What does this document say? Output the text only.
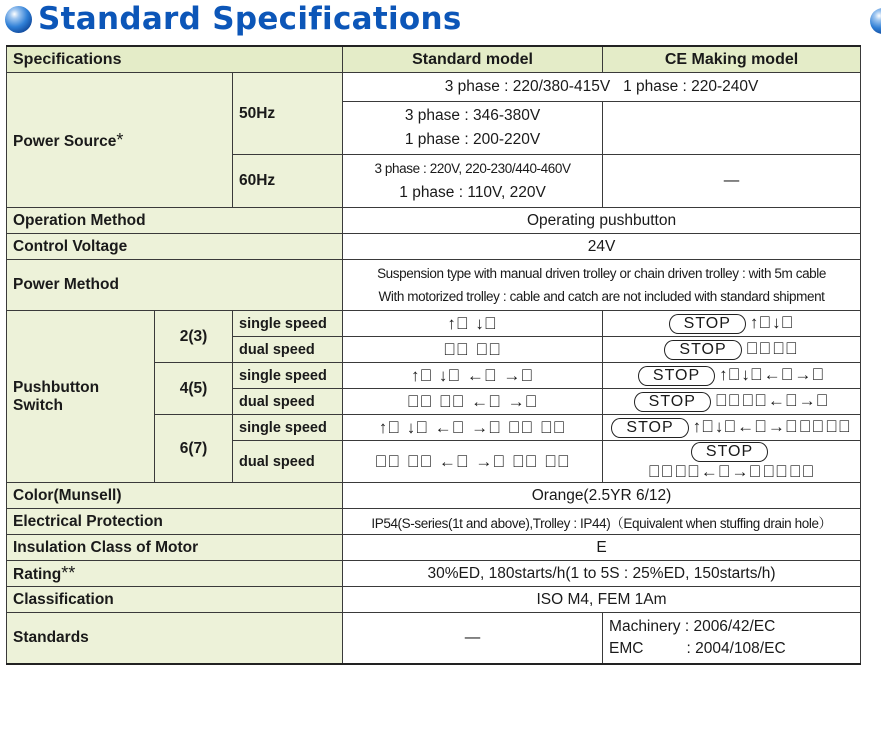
Standard Specifications
Specifications			Standard model	CE Making model
Power Source*		50Hz	3 phase : 220/380-415V   1 phase : 220-240V	

			3 phase : 346-380V
1 phase : 200-220V	

		60Hz	3 phase : 220V, 220-230/440-460V
1 phase : 110V, 220V	—

Operation Method			Operating pushbutton	
Control Voltage			24V	
Power Method			Suspension type with manual driven trolley or chain driven trolley : with 5m cable
With motorized trolley : cable and catch are not included with standard shipment	

Pushbutton
Switch	2(3)	single speed	↑⃝ ↓⃝	STOP ↑⃝↓⃝
		dual speed	⇈⃝ ⇊⃝	STOP ⇈⃝⇊⃝
	4(5)	single speed	↑⃝ ↓⃝ ←⃝ →⃝	STOP ↑⃝↓⃝←⃝→⃝
		dual speed	⇈⃝ ⇊⃝ ←⃝ →⃝	STOP ⇈⃝⇊⃝←⃝→⃝
	6(7)	single speed	↑⃝ ↓⃝ ←⃝ →⃝ ↖⃝ ↘⃝	STOP ↑⃝↓⃝←⃝→⃝↖⃝↘⃝
		dual speed	⇈⃝ ⇊⃝ ←⃝ →⃝ ↖⃝ ↘⃝	STOP⇈⃝⇊⃝←⃝→⃝↖⃝↘⃝
Color(Munsell)			Orange(2.5YR 6/12)	
Electrical Protection			IP54(S-series(1t and above),Trolley : IP44)（Equivalent when stuffing drain hole）	
Insulation Class of Motor			E	
Rating**			30%ED, 180starts/h(1 to 5S : 25%ED, 150starts/h)	
Classification			ISO M4, FEM 1Am	
Standards			—	Machinery : 2006/42/EC
EMC          : 2004/108/EC
